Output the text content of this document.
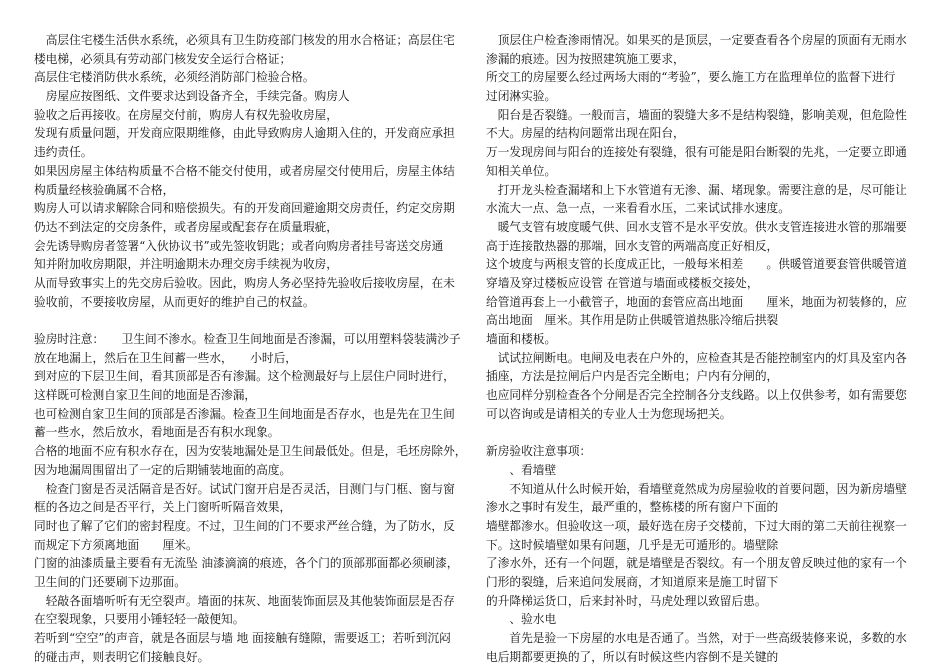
　高层住宅楼生活供水系统，必须具有卫生防疫部门核发的用水合格证；高层住宅
楼电梯，必须具有劳动部门核发安全运行合格证；
高层住宅楼消防供水系统，必须经消防部门检验合格。
　房屋应按图纸、文件要求达到设备齐全，手续完备。购房人
验收之后再接收。在房屋交付前，购房人有权先验收房屋，
发现有质量问题，开发商应限期维修，由此导致购房人逾期入住的，开发商应承担
违约责任。
如果因房屋主体结构质量不合格不能交付使用，或者房屋交付使用后，房屋主体结
构质量经核验确属不合格，
购房人可以请求解除合同和赔偿损失。有的开发商回避逾期交房责任，约定交房期
仍达不到法定的交房条件，或者房屋或配套存在质量瑕疵，
会先诱导购房者签署“入伙协议书”或先签收钥匙；或者向购房者挂号寄送交房通
知并附加收房期限，并注明逾期未办理交房手续视为收房，
从而导致事实上的先交房后验收。因此，购房人务必坚持先验收后接收房屋，在未
验收前，不要接收房屋，从而更好的维护自己的权益。
验房时注意：　　卫生间不渗水。检查卫生间地面是否渗漏，可以用塑料袋装满沙子
放在地漏上，然后在卫生间蓄一些水，　　小时后，
到对应的下层卫生间，看其顶部是否有渗漏。这个检测最好与上层住户同时进行，
这样既可检测自家卫生间的地面是否渗漏，
也可检测自家卫生间的顶部是否渗漏。检查卫生间地面是否存水，也是先在卫生间
蓄一些水，然后放水，看地面是否有积水现象。
合格的地面不应有积水存在，因为安装地漏处是卫生间最低处。但是，毛坯房除外，
因为地漏周围留出了一定的后期铺装地面的高度。
　检查门窗是否灵活隔音是否好。试试门窗开启是否灵活，目测门与门框、窗与窗
框的各边之间是否平行，关上门窗听听隔音效果，
同时也了解了它们的密封程度。不过，卫生间的门不要求严丝合缝，为了防水，反
而规定下方须离地面　　厘米。
门窗的油漆质量主要看有无流坠 油漆滴滴的痕迹，各个门的顶部那面都必须刷漆，
卫生间的门还要刷下边那面。
　轻敲各面墙听听有无空裂声。墙面的抹灰、地面装饰面层及其他装饰面层是否存
在空裂现象，只要用小锤轻轻一敲便知。
若听到“空空”的声音，就是各面层与墙 地 面接触有缝隙，需要返工；若听到沉闷
的碰击声，则表明它们接触良好。
　顶层住户检查渗雨情况。如果买的是顶层，一定要查看各个房屋的顶面有无雨水
渗漏的痕迹。因为按照建筑施工要求，
所交工的房屋要么经过两场大雨的“考验”，要么施工方在监理单位的监督下进行
过闭淋实验。
　阳台是否裂缝。一般而言，墙面的裂缝大多不是结构裂缝，影响美观，但危险性
不大。房屋的结构问题常出现在阳台，
万一发现房间与阳台的连接处有裂缝，很有可能是阳台断裂的先兆，一定要立即通
知相关单位。
　打开龙头检查漏堵和上下水管道有无渗、漏、堵现象。需要注意的是，尽可能让
水流大一点、急一点，一来看看水压，二来试试排水速度。
　暖气支管有坡度暖气供、回水支管不是水平安放。供水支管连接进水管的那端要
高于连接散热器的那端，回水支管的两端高度正好相反，
这个坡度与两根支管的长度成正比，一般每米相差　　。供暖管道要套管供暖管道
穿墙及穿过楼板应设管 在管道与墙面或楼板交接处，
给管道再套上一小截管子，地面的套管应高出地面　　厘米，地面为初装修的，应
高出地面　厘米。其作用是防止供暖管道热胀冷缩后拱裂
墙面和楼板。
　试试拉闸断电。电闸及电表在户外的，应检查其是否能控制室内的灯具及室内各
插座，方法是拉闸后户内是否完全断电；户内有分闸的，
也应同样分别检查各个分闸是否完全控制各分支线路。以上仅供参考，如有需要您
可以咨询或是请相关的专业人士为您现场把关。
新房验收注意事项：
　　、看墙壁
　　不知道从什么时候开始，看墙壁竟然成为房屋验收的首要问题，因为新房墙壁
渗水之事时有发生，最严重的，整栋楼的所有窗户下面的
墙壁都渗水。但验收这一项，最好选在房子交楼前，下过大雨的第二天前往视察一
下。这时候墙壁如果有问题，几乎是无可遁形的。墙壁除
了渗水外，还有一个问题，就是墙壁是否裂纹。有一个朋友曾反映过他的家有一个
门形的裂缝，后来追问发展商，才知道原来是施工时留下
的升降梯运货口，后来封补时，马虎处理以致留后患。
　　、验水电
　　首先是验一下房屋的水电是否通了。当然，对于一些高级装修来说，多数的水
电后期都要更换的了，所以有时候这些内容倒不是关键的
